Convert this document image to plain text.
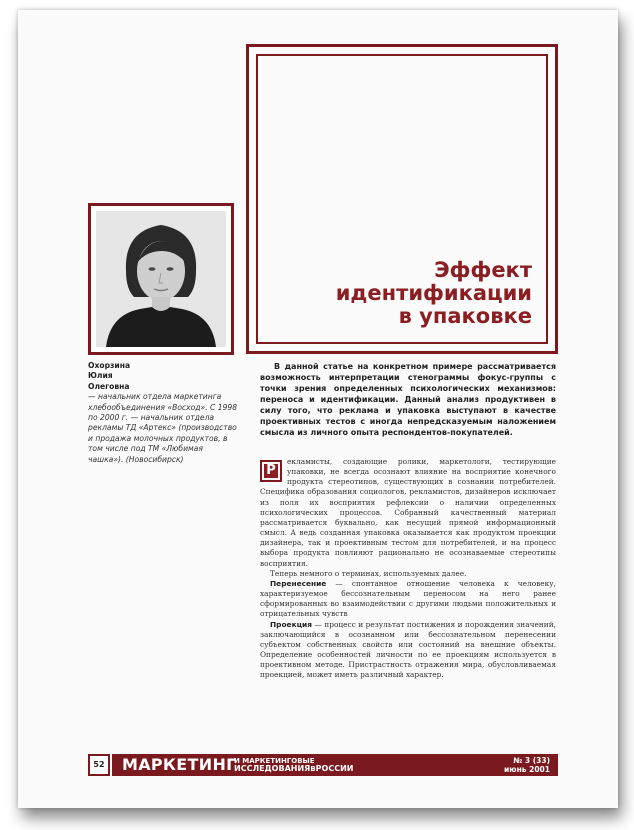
Эффект
идентификации
в упаковке
Охорзина
Юлия
Олеговна
— начальник отдела маркетинга хлебообъединения «Восход». С 1998 по 2000 г. — начальник отдела рекламы ТД «Артекс» (производство и продажа молочных продуктов, в том числе под ТМ «Любимая чашка»). (Новосибирск)
В данной статье на конкретном примере рассматривается возможность интерпретации стенограммы фокус-группы с точки зрения определенных психологических механизмов: переноса и идентификации. Данный анализ продуктивен в силу того, что реклама и упаковка выступают в качестве проективных тестов с иногда непредсказуемым наложением смысла из личного опыта респондентов-покупателей.

Р
екламисты, создающие ролики, маркетологи, тестирующие упаковки, не всегда осознают влияние на восприятие конечного продукта стереотипов, существующих в сознании потребителей. Специфика образования социологов, рекламистов, дизайнеров исключает из поля их восприятия рефлексии о наличии определенных психологических процессов. Собранный качественный материал рассматривается буквально, как несущий прямой информационный смысл. А ведь созданная упаковка оказывается как продуктом проекции дизайнера, так и проективным тестом для потребителей, и на процесс выбора продукта повлияют рационально не осознаваемые стереотипы восприятия.

Теперь немного о терминах, используемых далее.

Перенесение — спонтанное отношение человека к человеку, характеризуемое бессознательным переносом на него ранее сформированных во взаимодействии с другими людьми положительных и отрицательных чувств

Проекция — процесс и результат постижения и порождения значений, заключающийся в осознанном или бессознательном перенесении субъектом собственных свойств или состояний на внешние объекты. Определение особенностей личности по ее проекциям используется в проективном методе. Пристрастность отражения мира, обусловливаемая проекцией, может иметь различный характер.

52	МАРКЕТИНГ
И МАРКЕТИНГОВЫЕ
ИССЛЕДОВАНИЯВРОССИИ
№ 3 (33)
июнь 2001
